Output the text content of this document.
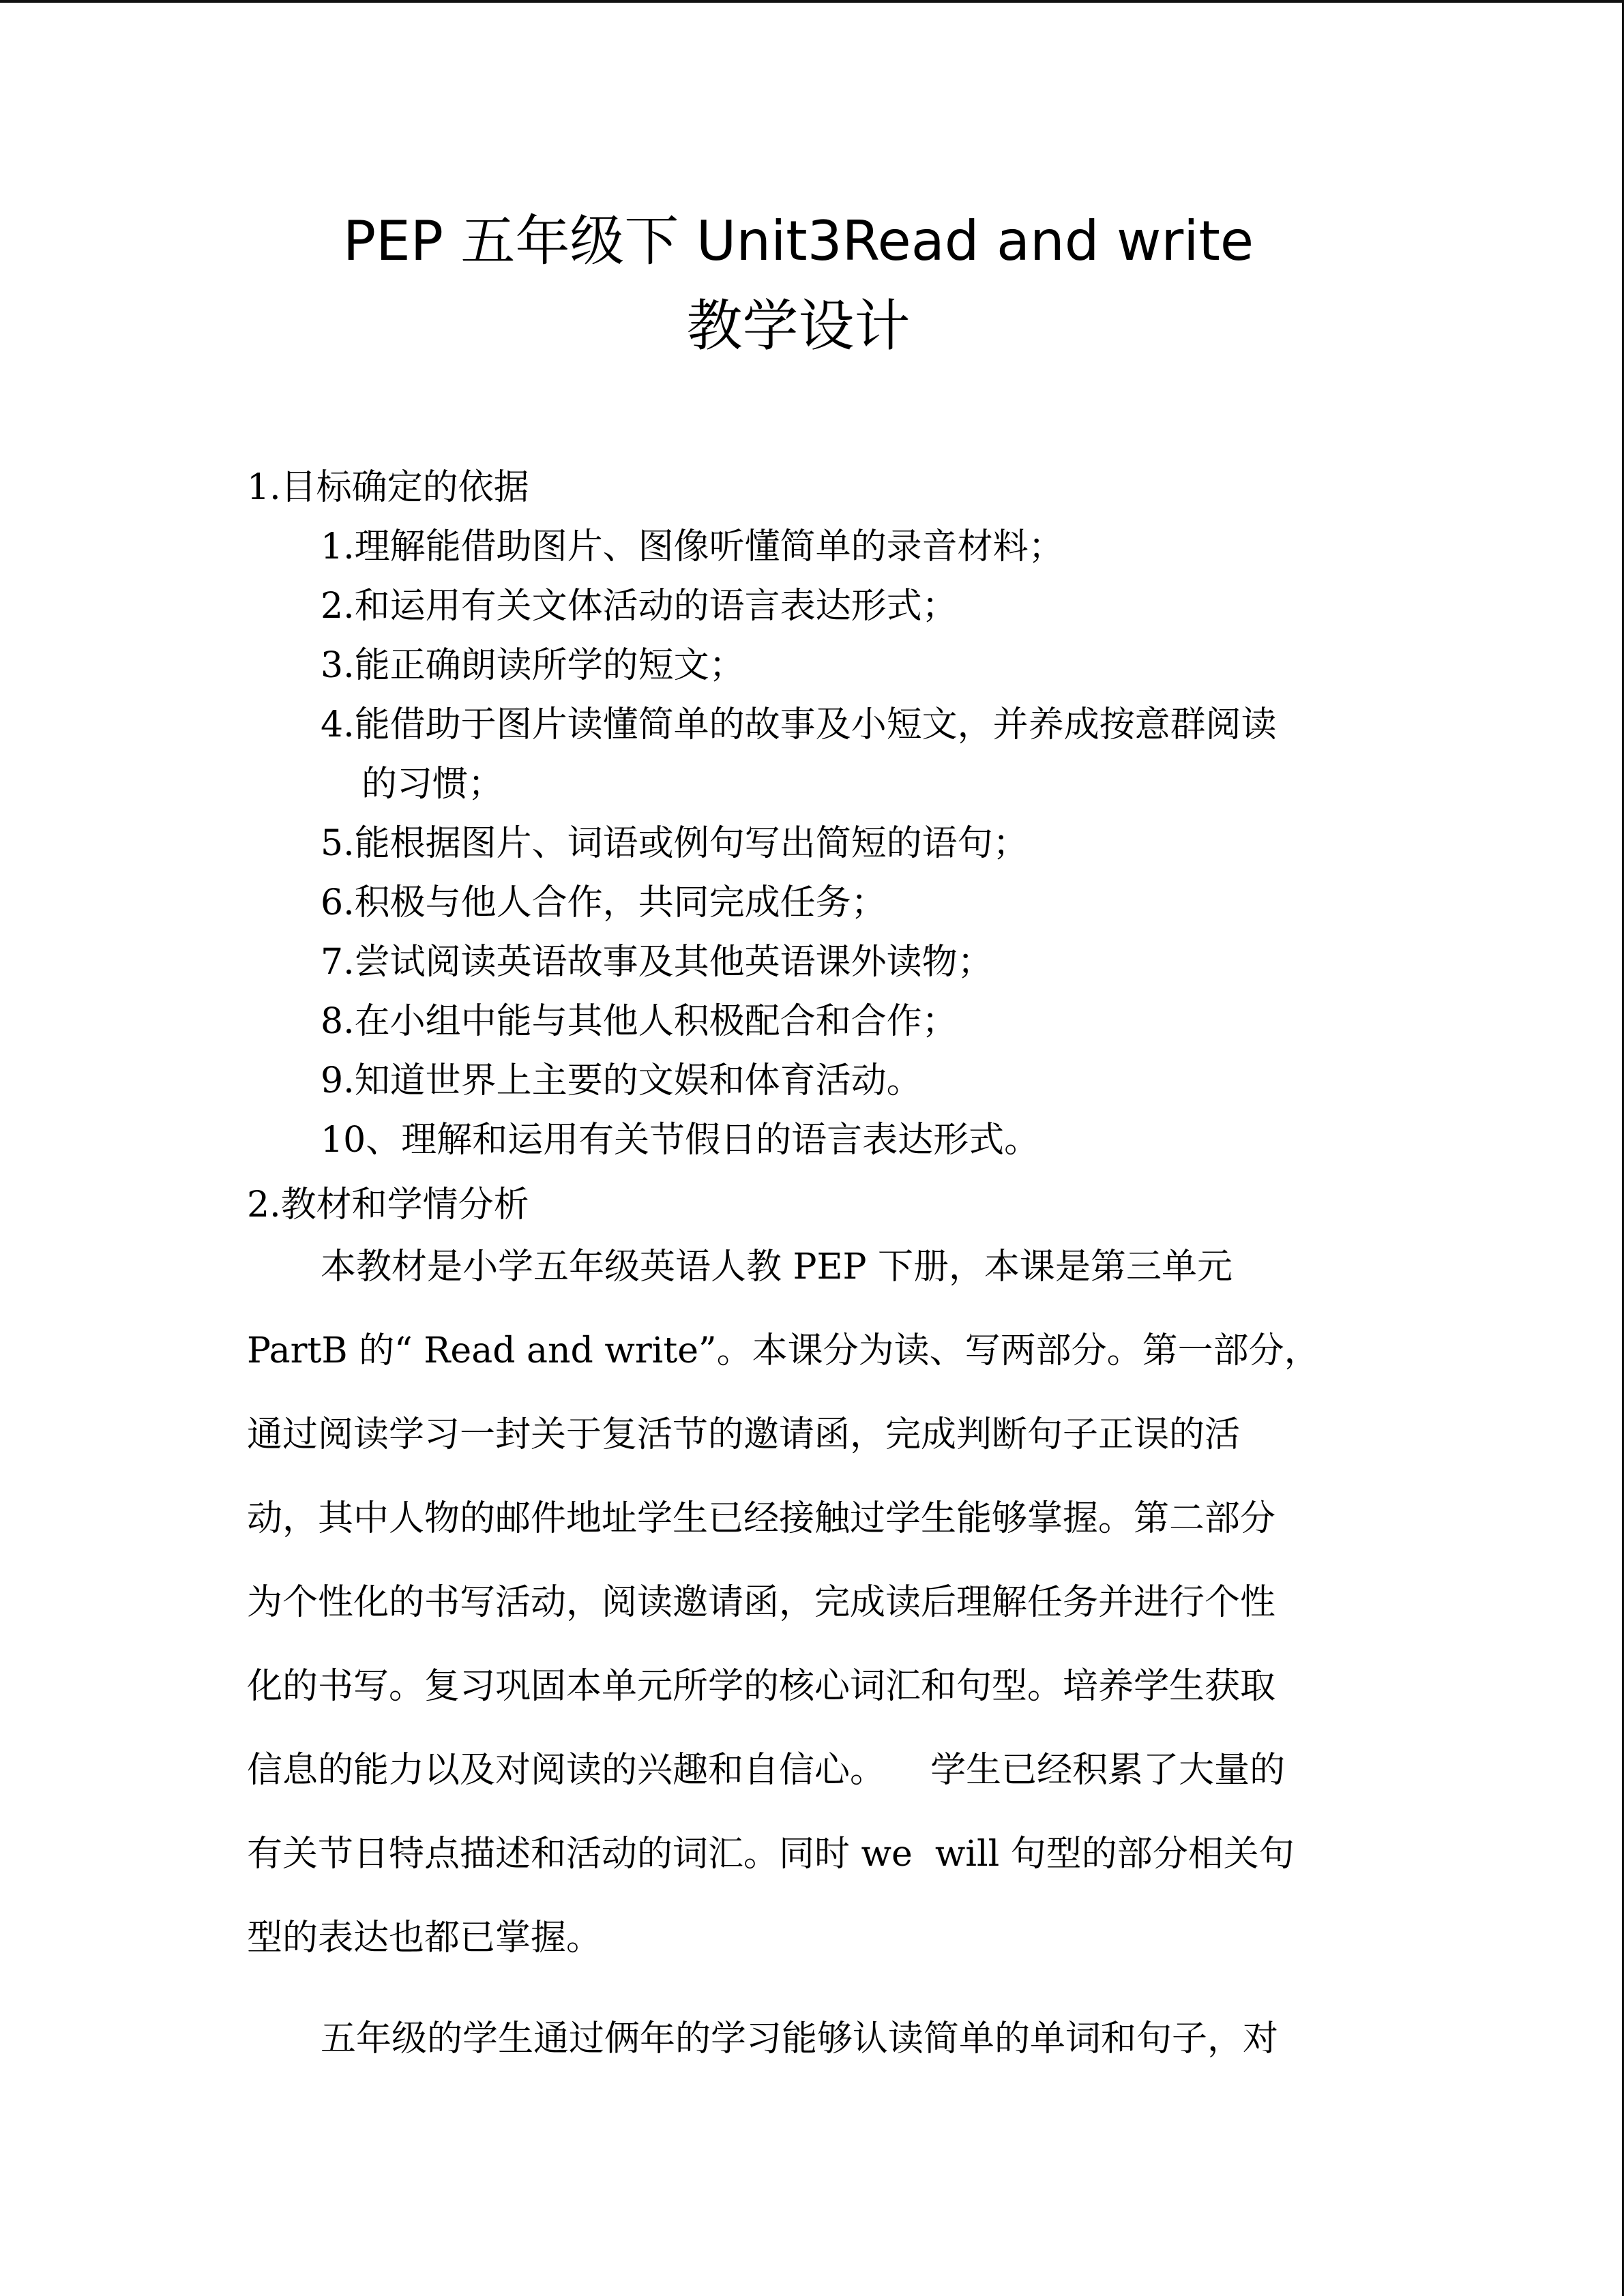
PEP 五年级下 Unit3Read and write
教学设计
1.目标确定的依据
1.理解能借助图片、图像听懂简单的录音材料；
2.和运用有关文体活动的语言表达形式；
3.能正确朗读所学的短文；
4.能借助于图片读懂简单的故事及小短文，并养成按意群阅读
的习惯；
5.能根据图片、词语或例句写出简短的语句；
6.积极与他人合作，共同完成任务；
7.尝试阅读英语故事及其他英语课外读物；
8.在小组中能与其他人积极配合和合作；
9.知道世界上主要的文娱和体育活动。
10、理解和运用有关节假日的语言表达形式。
2.教材和学情分析
本教材是小学五年级英语人教 PEP 下册，本课是第三单元
PartB 的“ Read and write”。本课分为读、写两部分。第一部分，
通过阅读学习一封关于复活节的邀请函，完成判断句子正误的活
动，其中人物的邮件地址学生已经接触过学生能够掌握。第二部分
为个性化的书写活动，阅读邀请函，完成读后理解任务并进行个性
化的书写。复习巩固本单元所学的核心词汇和句型。培养学生获取
信息的能力以及对阅读的兴趣和自信心。    学生已经积累了大量的
有关节日特点描述和活动的词汇。同时 we  will 句型的部分相关句
型的表达也都已掌握。
五年级的学生通过俩年的学习能够认读简单的单词和句子，对
